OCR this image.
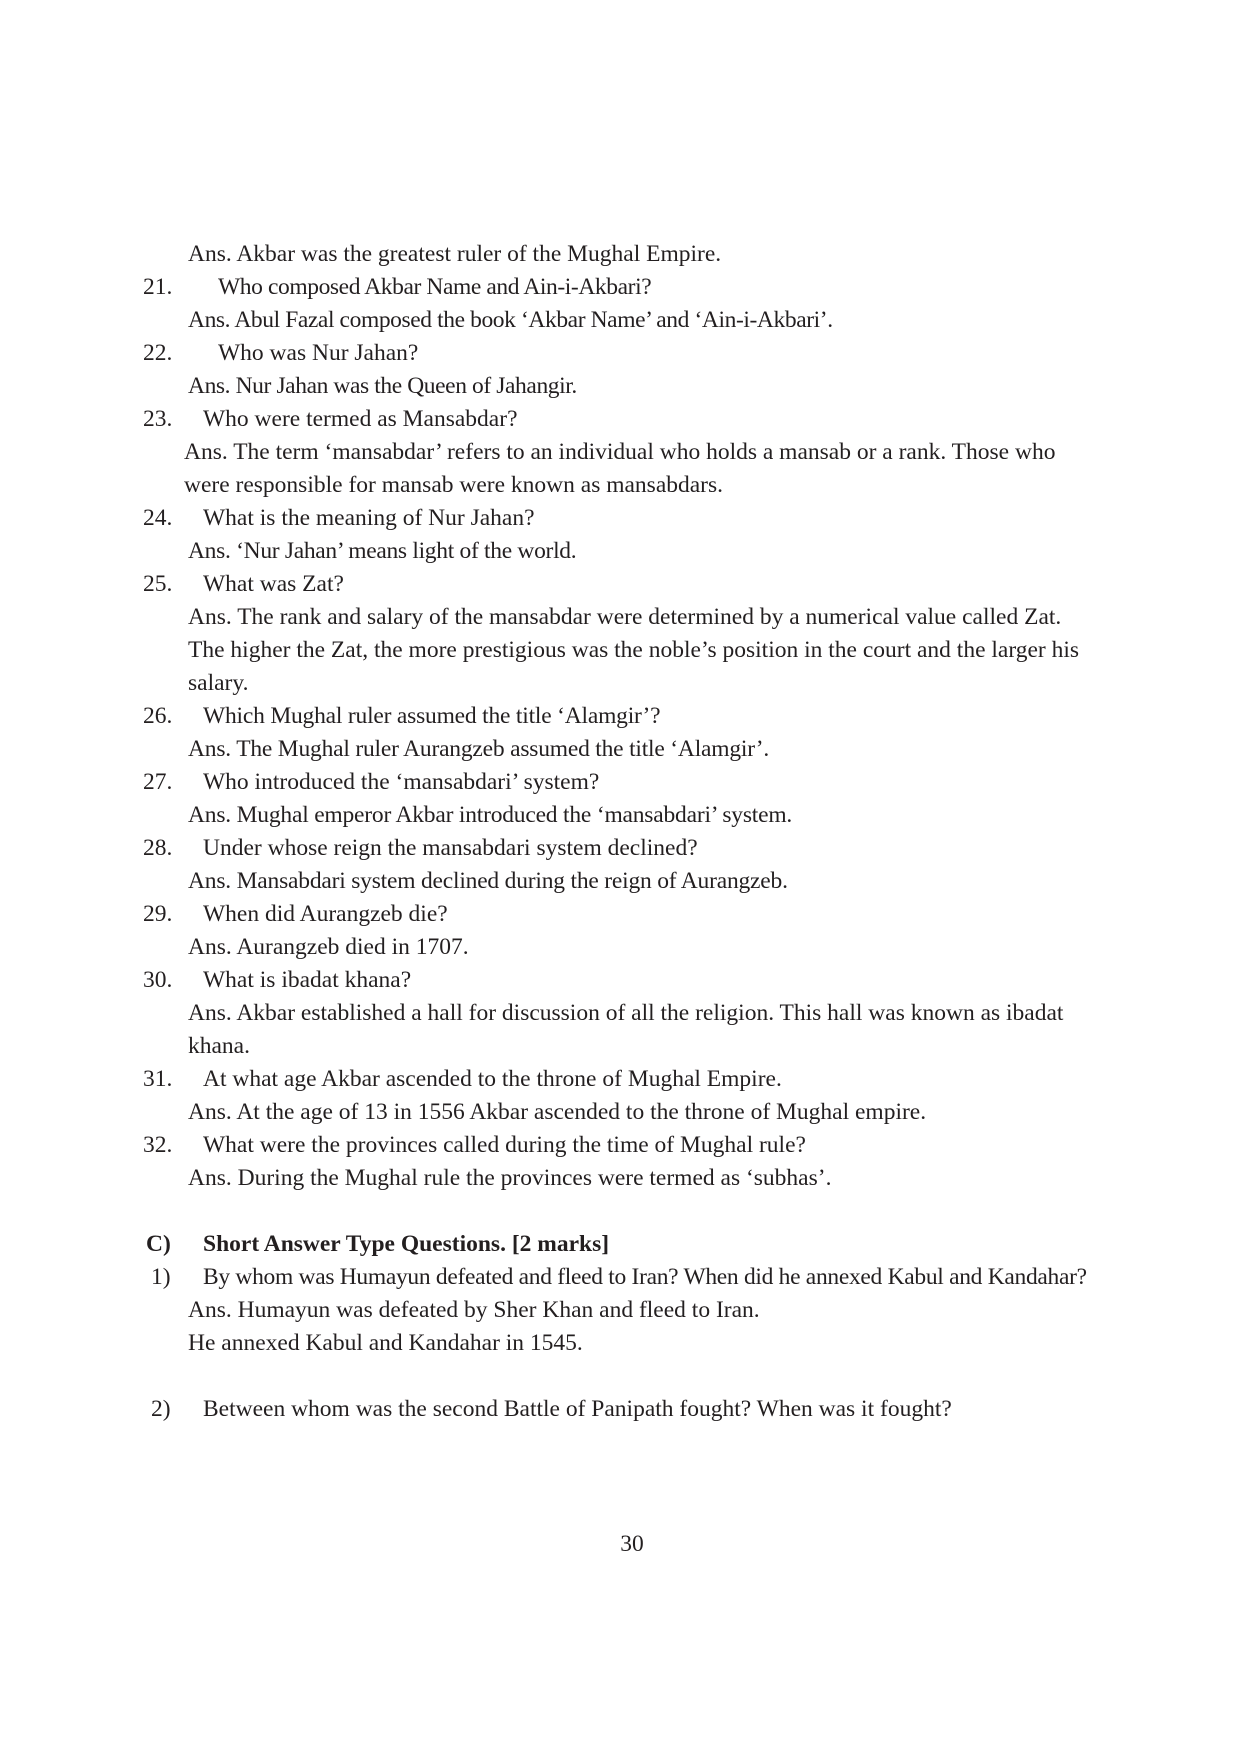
Ans. Akbar was the greatest ruler of the Mughal Empire.
21. Who composed Akbar Name and Ain-i-Akbari?
Ans. Abul Fazal composed the book ‘Akbar Name’ and ‘Ain-i-Akbari’.
22. Who was Nur Jahan?
Ans. Nur Jahan was the Queen of Jahangir.
23. Who were termed as Mansabdar?
Ans. The term ‘mansabdar’ refers to an individual who holds a mansab or a rank. Those who
were responsible for mansab were known as mansabdars.
24. What is the meaning of Nur Jahan?
Ans. ‘Nur Jahan’ means light of the world.
25. What was Zat?
Ans. The rank and salary of the mansabdar were determined by a numerical value called Zat.
The higher the Zat, the more prestigious was the noble’s position in the court and the larger his
salary.
26. Which Mughal ruler assumed the title ‘Alamgir’?
Ans. The Mughal ruler Aurangzeb assumed the title ‘Alamgir’.
27. Who introduced the ‘mansabdari’ system?
Ans. Mughal emperor Akbar introduced the ‘mansabdari’ system.
28. Under whose reign the mansabdari system declined?
Ans. Mansabdari system declined during the reign of Aurangzeb.
29. When did Aurangzeb die?
Ans. Aurangzeb died in 1707.
30. What is ibadat khana?
Ans. Akbar established a hall for discussion of all the religion. This hall was known as ibadat
khana.
31. At what age Akbar ascended to the throne of Mughal Empire.
Ans. At the age of 13 in 1556 Akbar ascended to the throne of Mughal empire.
32. What were the provinces called during the time of Mughal rule?
Ans. During the Mughal rule the provinces were termed as ‘subhas’.
C) Short Answer Type Questions. [2 marks]
1) By whom was Humayun defeated and fleed to Iran? When did he annexed Kabul and Kandahar?
Ans. Humayun was defeated by Sher Khan and fleed to Iran.
He annexed Kabul and Kandahar in 1545.
2) Between whom was the second Battle of Panipath fought? When was it fought?
30
